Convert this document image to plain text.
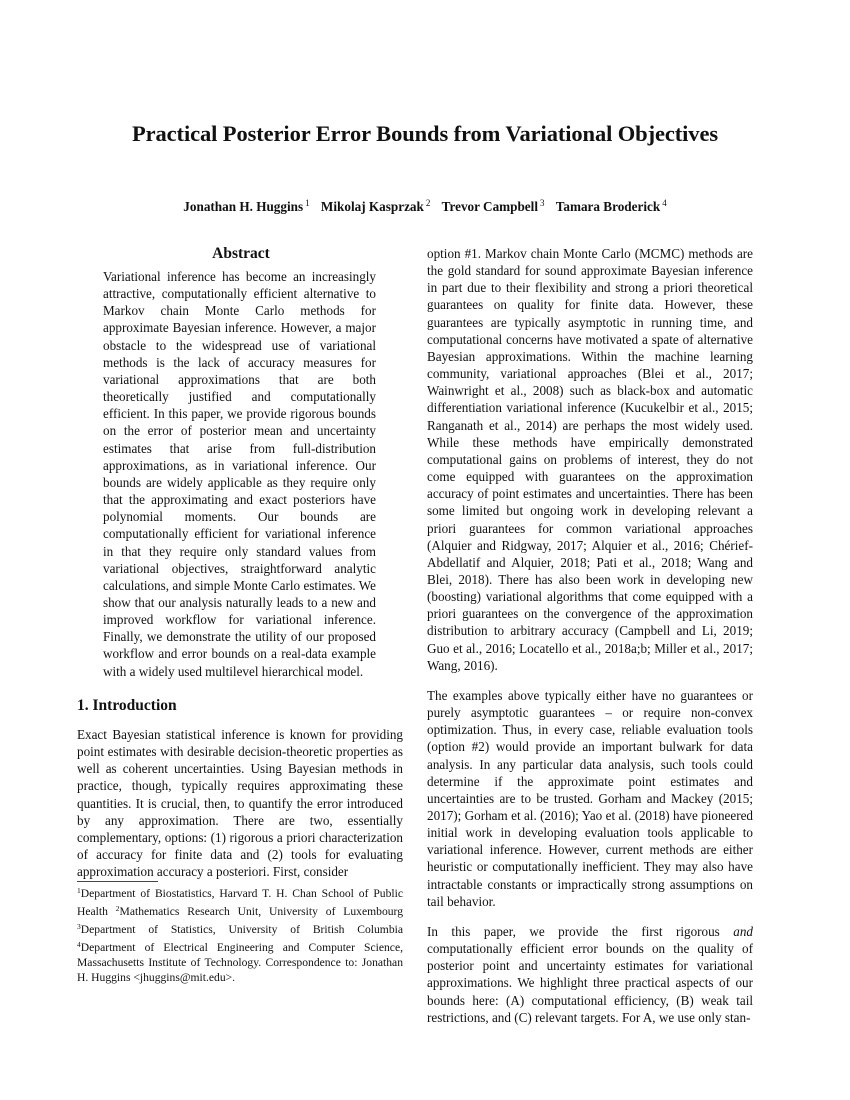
Practical Posterior Error Bounds from Variational Objectives
Jonathan H. Huggins $^1$ Mikolaj Kasprzak $^2$ Trevor Campbell $^3$ Tamara Broderick $^4$
Abstract

Variational inference has become an increasingly attractive, computationally efficient alternative to Markov chain Monte Carlo methods for approximate Bayesian inference. However, a major obstacle to the widespread use of variational methods is the lack of accuracy measures for variational approximations that are both theoretically justified and computationally efficient. In this paper, we provide rigorous bounds on the error of posterior mean and uncertainty estimates that arise from full-distribution approximations, as in variational inference. Our bounds are widely applicable as they require only that the approximating and exact posteriors have polynomial moments. Our bounds are computationally efficient for variational inference in that they require only standard values from variational objectives, straightforward analytic calculations, and simple Monte Carlo estimates. We show that our analysis naturally leads to a new and improved workflow for variational inference. Finally, we demonstrate the utility of our proposed workflow and error bounds on a real-data example with a widely used multilevel hierarchical model.

1. Introduction

Exact Bayesian statistical inference is known for providing point estimates with desirable decision-theoretic properties as well as coherent uncertainties. Using Bayesian methods in practice, though, typically requires approximating these quantities. It is crucial, then, to quantify the error introduced by any approximation. There are two, essentially complementary, options: (1) rigorous a priori characterization of accuracy for finite data and (2) tools for evaluating approximation accuracy a posteriori. First, consider

$^1$Department of Biostatistics, Harvard T. H. Chan School of Public Health $^2$Mathematics Research Unit, University of Luxembourg $^3$Department of Statistics, University of British Columbia $^4$Department of Electrical Engineering and Computer Science, Massachusetts Institute of Technology. Correspondence to: Jonathan H. Huggins <jhuggins@mit.edu>.

option #1. Markov chain Monte Carlo (MCMC) methods are the gold standard for sound approximate Bayesian inference in part due to their flexibility and strong a priori theoretical guarantees on quality for finite data. However, these guarantees are typically asymptotic in running time, and computational concerns have motivated a spate of alternative Bayesian approximations. Within the machine learning community, variational approaches (Blei et al., 2017; Wainwright et al., 2008) such as black-box and automatic differentiation variational inference (Kucukelbir et al., 2015; Ranganath et al., 2014) are perhaps the most widely used. While these methods have empirically demonstrated computational gains on problems of interest, they do not come equipped with guarantees on the approximation accuracy of point estimates and uncertainties. There has been some limited but ongoing work in developing relevant a priori guarantees for common variational approaches (Alquier and Ridgway, 2017; Alquier et al., 2016; Chérief-Abdellatif and Alquier, 2018; Pati et al., 2018; Wang and Blei, 2018). There has also been work in developing new (boosting) variational algorithms that come equipped with a priori guarantees on the convergence of the approximation distribution to arbitrary accuracy (Campbell and Li, 2019; Guo et al., 2016; Locatello et al., 2018a;b; Miller et al., 2017; Wang, 2016).

The examples above typically either have no guarantees or purely asymptotic guarantees – or require non-convex optimization. Thus, in every case, reliable evaluation tools (option #2) would provide an important bulwark for data analysis. In any particular data analysis, such tools could determine if the approximate point estimates and uncertainties are to be trusted. Gorham and Mackey (2015; 2017); Gorham et al. (2016); Yao et al. (2018) have pioneered initial work in developing evaluation tools applicable to variational inference. However, current methods are either heuristic or computationally inefficient. They may also have intractable constants or impractically strong assumptions on tail behavior.

In this paper, we provide the first rigorous and computationally efficient error bounds on the quality of posterior point and uncertainty estimates for variational approximations. We highlight three practical aspects of our bounds here: (A) computational efficiency, (B) weak tail restrictions, and (C) relevant targets. For A, we use only stan-
